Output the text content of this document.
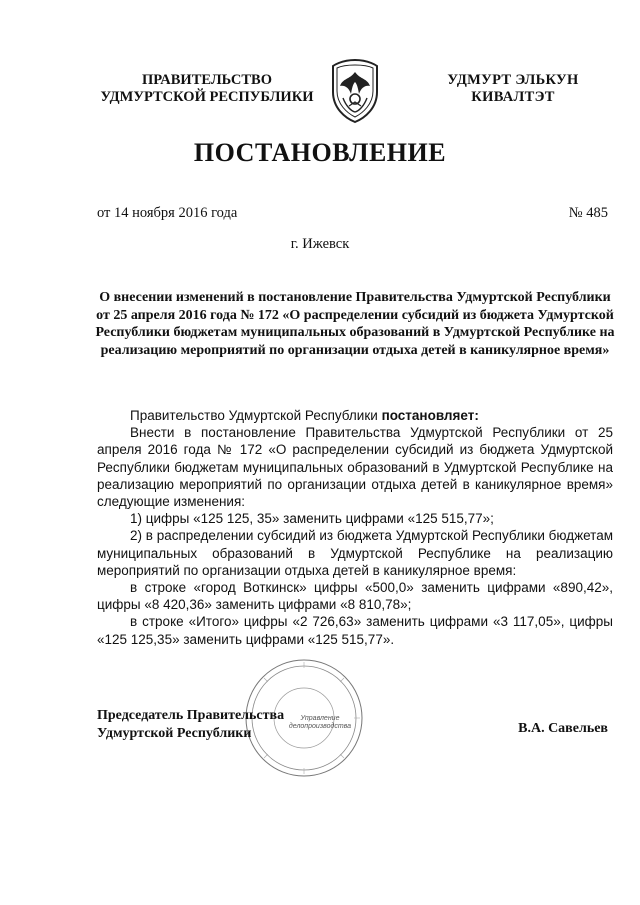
ПРАВИТЕЛЬСТВО
УДМУРТСКОЙ РЕСПУБЛИКИ
УДМУРТ ЭЛЬКУН
КИВАЛТЭТ
ПОСТАНОВЛЕНИЕ
от 14 ноября 2016 года	№ 485
г. Ижевск
О внесении изменений в постановление Правительства Удмуртской Республики от 25 апреля 2016 года № 172 «О распределении субсидий из бюджета Удмуртской Республики бюджетам муниципальных образований в Удмуртской Республике на реализацию мероприятий по организации отдыха детей в каникулярное время»

Правительство Удмуртской Республики постановляет:

Внести в постановление Правительства Удмуртской Республики от 25 апреля 2016 года № 172 «О распределении субсидий из бюджета Удмуртской Республики бюджетам муниципальных образований в Удмуртской Республике на реализацию мероприятий по организации отдыха детей в каникулярное время» следующие изменения:

1) цифры «125 125, 35» заменить цифрами «125 515,77»;

2) в распределении субсидий из бюджета Удмуртской Республики бюджетам муниципальных образований в Удмуртской Республике на реализацию мероприятий по организации отдыха детей в каникулярное время:

в строке «город Воткинск» цифры «500,0» заменить цифрами «890,42», цифры «8 420,36» заменить цифрами «8 810,78»;

в строке «Итого» цифры «2 726,63» заменить цифрами «3 117,05», цифры «125 125,35» заменить цифрами «125 515,77».

Управление
делопроизводства
Председатель Правительства
Удмуртской Республики	В.А. Савельев
